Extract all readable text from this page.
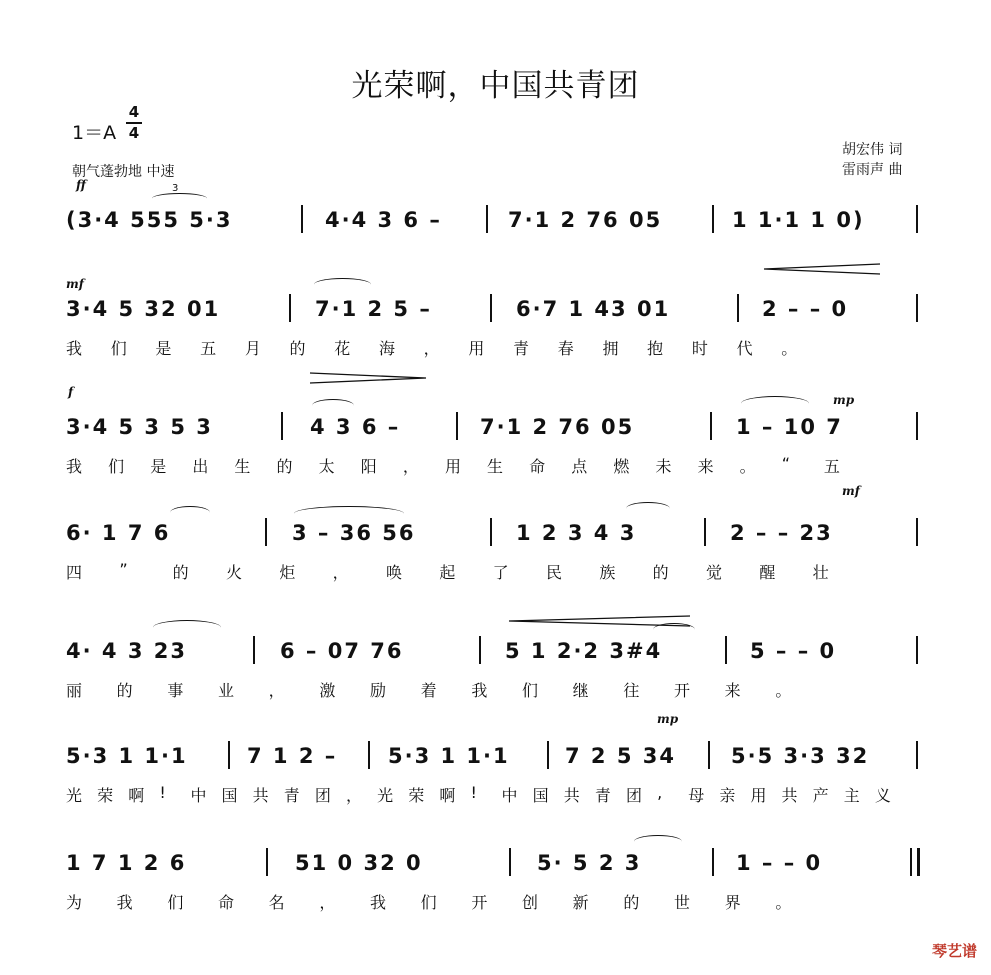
光荣啊，中国共青团
1＝A
4
4
朝气蓬勃地 中速
胡宏伟 词
雷雨声 曲
ff
mf
f
mp
mf
mp
3
(3·4 555 5·3	4·4 3 6 –	7·1 2 76 05	1 1·1 1 0)
3·4 5 32 01	7·1 2 5 –	6·7 1 43 01	2 – – 0
我 们 是 五 月 的 花 海 ， 用 青 春 拥 抱 时 代 。
3·4 5 3 5 3	4 3 6 –	7·1 2 76 05	1 – 10 7
我 们 是 出 生 的 太 阳 ， 用 生 命 点 燃 未 来 。 “ 五
6· 1 7 6	3 – 36 56	1 2 3 4 3	2 – – 23
四 ”	的 火 炬 ， 唤 起 了 民 族 的 觉 醒 壮
4· 4 3 23	6 – 07 76	5 1 2·2 3#4	5 – – 0
丽 的 事 业 ， 激 励 着 我 们 继 往 开 来 。
5·3 1 1·1	7 1 2 – 5·3 1 1·1	7 2 5 34	5·5 3·3 32
光 荣 啊 ! 中 国 共 青 团 ， 光 荣 啊 ! 中 国 共 青 团 , 母 亲 用 共 产 主 义
1 7 1 2 6	51 0 32 0	5· 5 2 3	1 – – 0
为 我 们 命 名 ， 我 们 开 创 新 的 世 界 。
琴艺谱
